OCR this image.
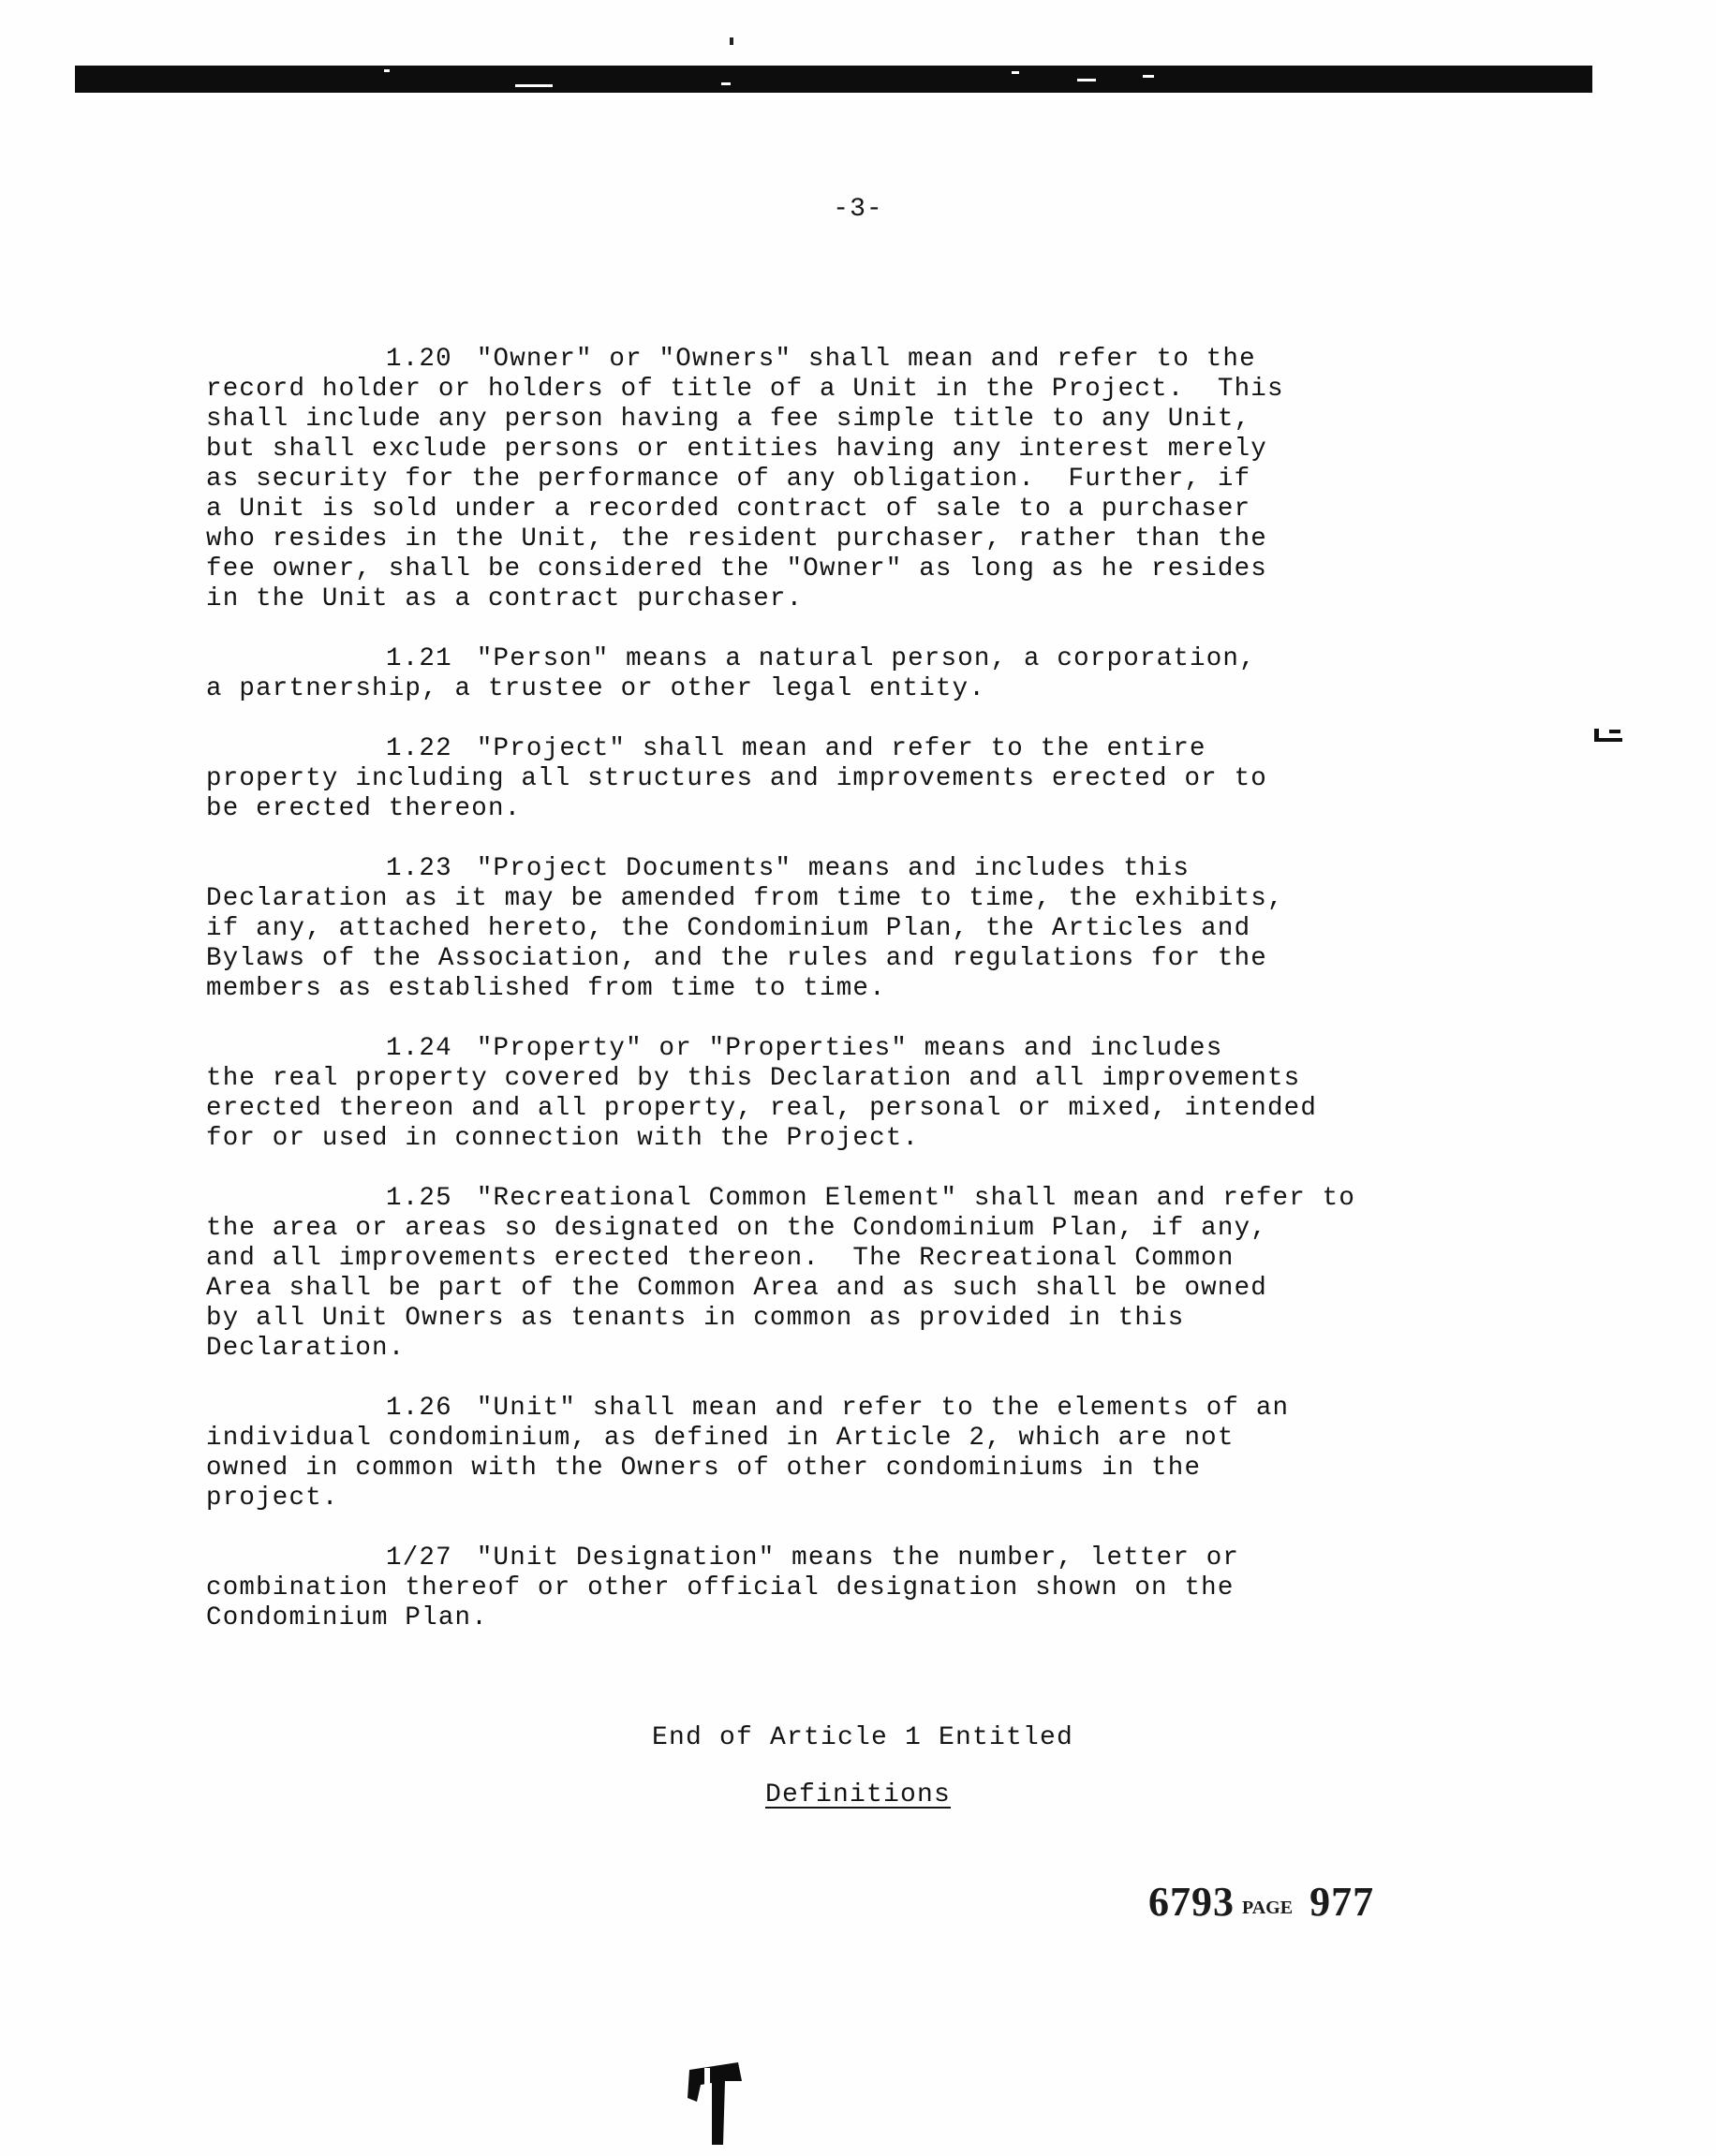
-3-

1.20 "Owner" or "Owners" shall mean and refer to the
record holder or holders of title of a Unit in the Project.  This
shall include any person having a fee simple title to any Unit,
but shall exclude persons or entities having any interest merely
as security for the performance of any obligation.  Further, if
a Unit is sold under a recorded contract of sale to a purchaser
who resides in the Unit, the resident purchaser, rather than the
fee owner, shall be considered the "Owner" as long as he resides
in the Unit as a contract purchaser.

1.21 "Person" means a natural person, a corporation,
a partnership, a trustee or other legal entity.

1.22 "Project" shall mean and refer to the entire
property including all structures and improvements erected or to
be erected thereon.

1.23 "Project Documents" means and includes this
Declaration as it may be amended from time to time, the exhibits,
if any, attached hereto, the Condominium Plan, the Articles and
Bylaws of the Association, and the rules and regulations for the
members as established from time to time.

1.24 "Property" or "Properties" means and includes
the real property covered by this Declaration and all improvements
erected thereon and all property, real, personal or mixed, intended
for or used in connection with the Project.

1.25 "Recreational Common Element" shall mean and refer to
the area or areas so designated on the Condominium Plan, if any,
and all improvements erected thereon.  The Recreational Common
Area shall be part of the Common Area and as such shall be owned
by all Unit Owners as tenants in common as provided in this
Declaration.

1.26 "Unit" shall mean and refer to the elements of an
individual condominium, as defined in Article 2, which are not
owned in common with the Owners of other condominiums in the
project.

1/27 "Unit Designation" means the number, letter or
combination thereof or other official designation shown on the
Condominium Plan.

End of Article 1 Entitled
Definitions
6793 PAGE 977
